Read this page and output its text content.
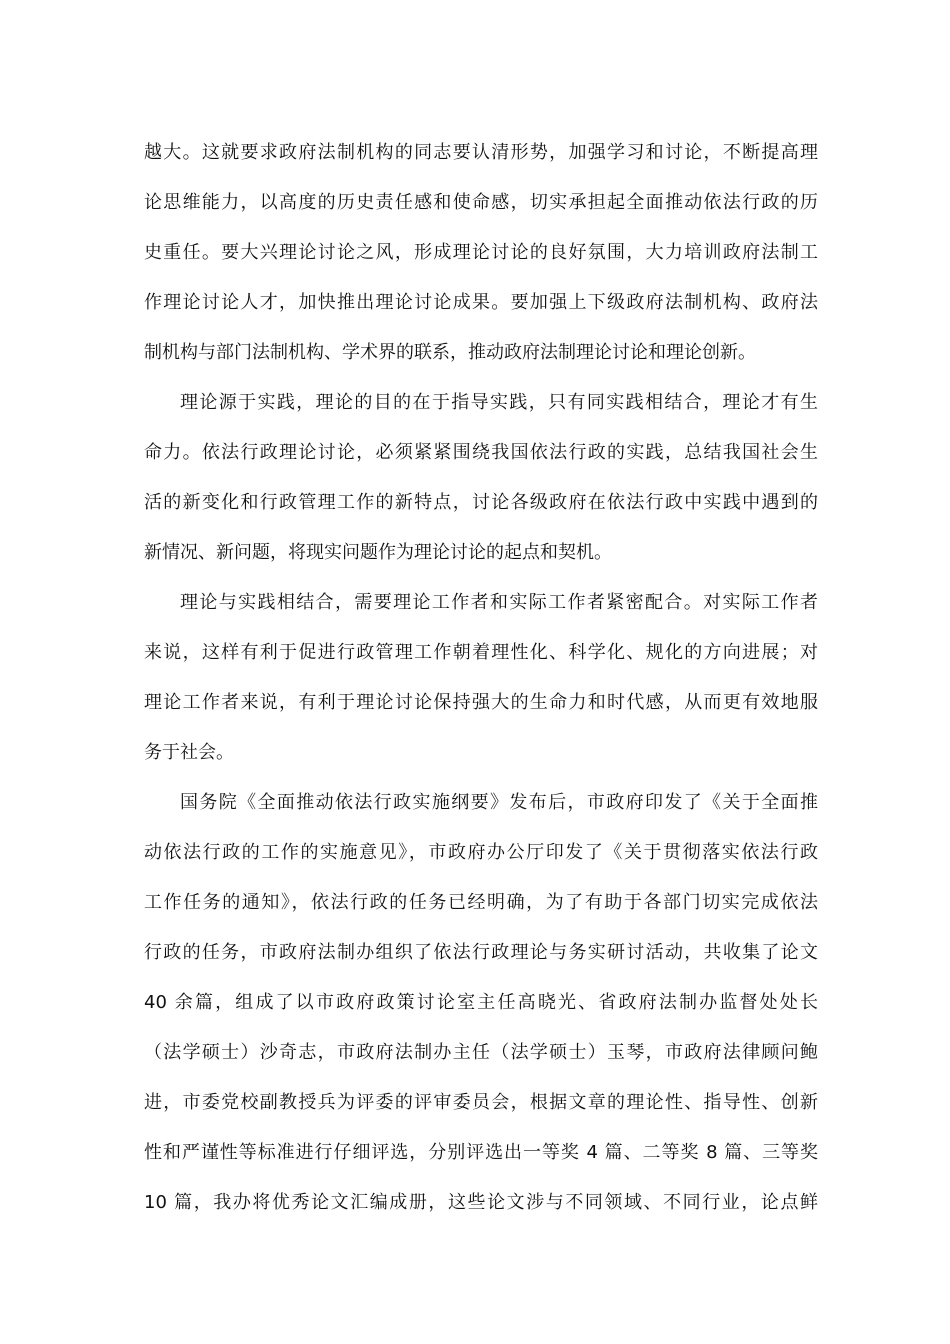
越大。这就要求政府法制机构的同志要认清形势，加强学习和讨论，不断提高理
论思维能力，以高度的历史责任感和使命感，切实承担起全面推动依法行政的历
史重任。要大兴理论讨论之风，形成理论讨论的良好氛围，大力培训政府法制工
作理论讨论人才，加快推出理论讨论成果。要加强上下级政府法制机构、政府法
制机构与部门法制机构、学术界的联系，推动政府法制理论讨论和理论创新。
理论源于实践，理论的目的在于指导实践，只有同实践相结合，理论才有生
命力。依法行政理论讨论，必须紧紧围绕我国依法行政的实践，总结我国社会生
活的新变化和行政管理工作的新特点，讨论各级政府在依法行政中实践中遇到的
新情况、新问题，将现实问题作为理论讨论的起点和契机。
理论与实践相结合，需要理论工作者和实际工作者紧密配合。对实际工作者
来说，这样有利于促进行政管理工作朝着理性化、科学化、规化的方向进展；对
理论工作者来说，有利于理论讨论保持强大的生命力和时代感，从而更有效地服
务于社会。
国务院《全面推动依法行政实施纲要》发布后，市政府印发了《关于全面推
动依法行政的工作的实施意见》，市政府办公厅印发了《关于贯彻落实依法行政
工作任务的通知》，依法行政的任务已经明确，为了有助于各部门切实完成依法
行政的任务，市政府法制办组织了依法行政理论与务实研讨活动，共收集了论文
40 余篇，组成了以市政府政策讨论室主任高晓光、省政府法制办监督处处长
（法学硕士）沙奇志，市政府法制办主任（法学硕士）玉琴，市政府法律顾问鲍
进，市委党校副教授兵为评委的评审委员会，根据文章的理论性、指导性、创新
性和严谨性等标准进行仔细评选，分别评选出一等奖 4 篇、二等奖 8 篇、三等奖
10 篇，我办将优秀论文汇编成册，这些论文涉与不同领域、不同行业，论点鲜
